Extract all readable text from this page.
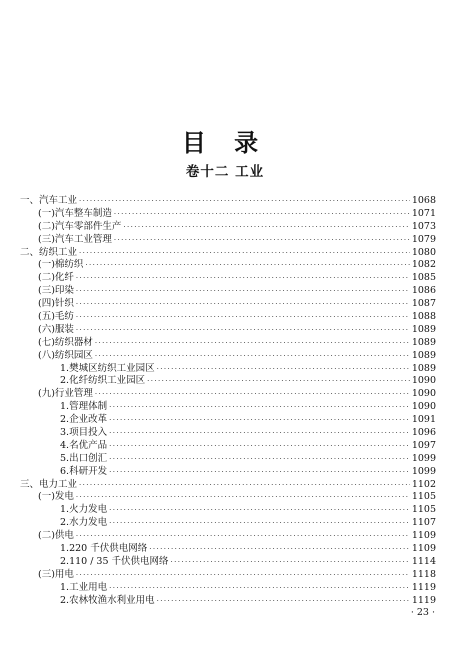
目 录
卷十二 工业
一、汽车工业 ·····	1068
(一)汽车整车制造 ·····	1071
(二)汽车零部件生产 ·····	1073
(三)汽车工业管理 ·····	1079
二、纺织工业 ·····	1080
(一)棉纺织 ·····	1082
(二)化纤 ·····	1085
(三)印染 ·····	1086
(四)针织 ·····	1087
(五)毛纺 ·····	1088
(六)服装 ·····	1089
(七)纺织器材 ·····	1089
(八)纺织园区 ·····	1089
1.樊城区纺织工业园区 ·····	1089
2.化纤纺织工业园区 ·····	1090
(九)行业管理 ·····	1090
1.管理体制 ·····	1090
2.企业改革 ·····	1091
3.项目投入 ·····	1096
4.名优产品 ·····	1097
5.出口创汇 ·····	1099
6.科研开发 ·····	1099
三、电力工业 ·····	1102
(一)发电 ·····	1105
1.火力发电 ·····	1105
2.水力发电 ·····	1107
(二)供电 ·····	1109
1.220 千伏供电网络 ·····	1109
2.110 / 35 千伏供电网络 ·····	1114
(三)用电 ·····	1118
1.工业用电 ·····	1119
2.农林牧渔水利业用电 ·····	1119
· 23 ·
